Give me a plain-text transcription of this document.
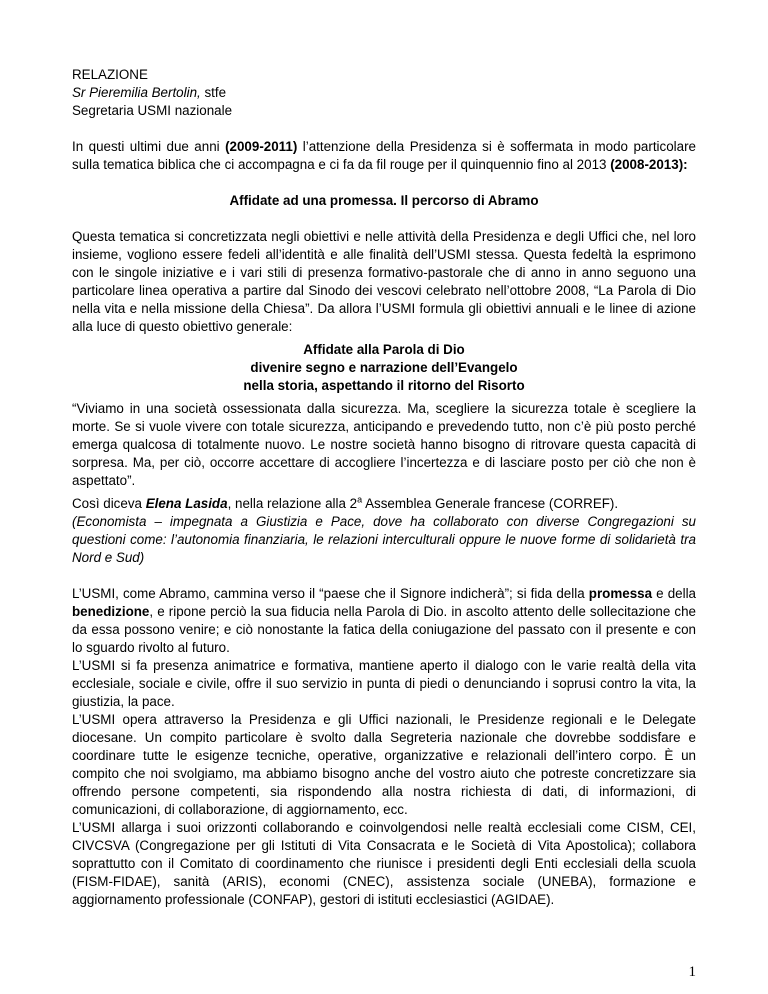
RELAZIONE

Sr Pieremilia Bertolin, stfe

Segretaria USMI nazionale

In questi ultimi due anni (2009-2011) l’attenzione della Presidenza si è soffermata in modo particolare sulla tematica biblica che ci accompagna e ci fa da fil rouge per il quinquennio fino al 2013 (2008-2013):

Affidate ad una promessa. Il percorso di Abramo

Questa tematica si concretizzata negli obiettivi e nelle attività della Presidenza e degli Uffici che, nel loro insieme, vogliono essere fedeli all’identità e alle finalità dell’USMI stessa. Questa fedeltà la esprimono con le singole iniziative e i vari stili di presenza formativo-pastorale che di anno in anno seguono una particolare linea operativa a partire dal Sinodo dei vescovi celebrato nell’ottobre 2008, “La Parola di Dio nella vita e nella missione della Chiesa”. Da allora l’USMI formula gli obiettivi annuali e le linee di azione alla luce di questo obiettivo generale:

Affidate alla Parola di Dio

divenire segno e narrazione dell’Evangelo

nella storia, aspettando il ritorno del Risorto

“Viviamo in una società ossessionata dalla sicurezza. Ma, scegliere la sicurezza totale è scegliere la morte. Se si vuole vivere con totale sicurezza, anticipando e prevedendo tutto, non c’è più posto perché emerga qualcosa di totalmente nuovo. Le nostre società hanno bisogno di ritrovare questa capacità di sorpresa. Ma, per ciò, occorre accettare di accogliere l’incertezza e di lasciare posto per ciò che non è aspettato”.

Così diceva Elena Lasida, nella relazione alla 2$^a$ Assemblea Generale francese (CORREF).

(Economista – impegnata a Giustizia e Pace, dove ha collaborato con diverse Congregazioni su questioni come: l’autonomia finanziaria, le relazioni interculturali oppure le nuove forme di solidarietà tra Nord e Sud)

L’USMI, come Abramo, cammina verso il “paese che il Signore indicherà”; si fida della promessa e della benedizione, e ripone perciò la sua fiducia nella Parola di Dio. in ascolto attento delle sollecitazione che da essa possono venire; e ciò nonostante la fatica della coniugazione del passato con il presente e con lo sguardo rivolto al futuro.

L’USMI si fa presenza animatrice e formativa, mantiene aperto il dialogo con le varie realtà della vita ecclesiale, sociale e civile, offre il suo servizio in punta di piedi o denunciando i soprusi contro la vita, la giustizia, la pace.

L’USMI opera attraverso la Presidenza e gli Uffici nazionali, le Presidenze regionali e le Delegate diocesane. Un compito particolare è svolto dalla Segreteria nazionale che dovrebbe soddisfare e coordinare tutte le esigenze tecniche, operative, organizzative e relazionali dell’intero corpo. È un compito che noi svolgiamo, ma abbiamo bisogno anche del vostro aiuto che potreste concretizzare sia offrendo persone competenti, sia rispondendo alla nostra richiesta di dati, di informazioni, di comunicazioni, di collaborazione, di aggiornamento, ecc.

L’USMI allarga i suoi orizzonti collaborando e coinvolgendosi nelle realtà ecclesiali come CISM, CEI, CIVCSVA (Congregazione per gli Istituti di Vita Consacrata e le Società di Vita Apostolica); collabora soprattutto con il Comitato di coordinamento che riunisce i presidenti degli Enti ecclesiali della scuola (FISM-FIDAE), sanità (ARIS), economi (CNEC), assistenza sociale (UNEBA), formazione e aggiornamento professionale (CONFAP), gestori di istituti ecclesiastici (AGIDAE).

1
